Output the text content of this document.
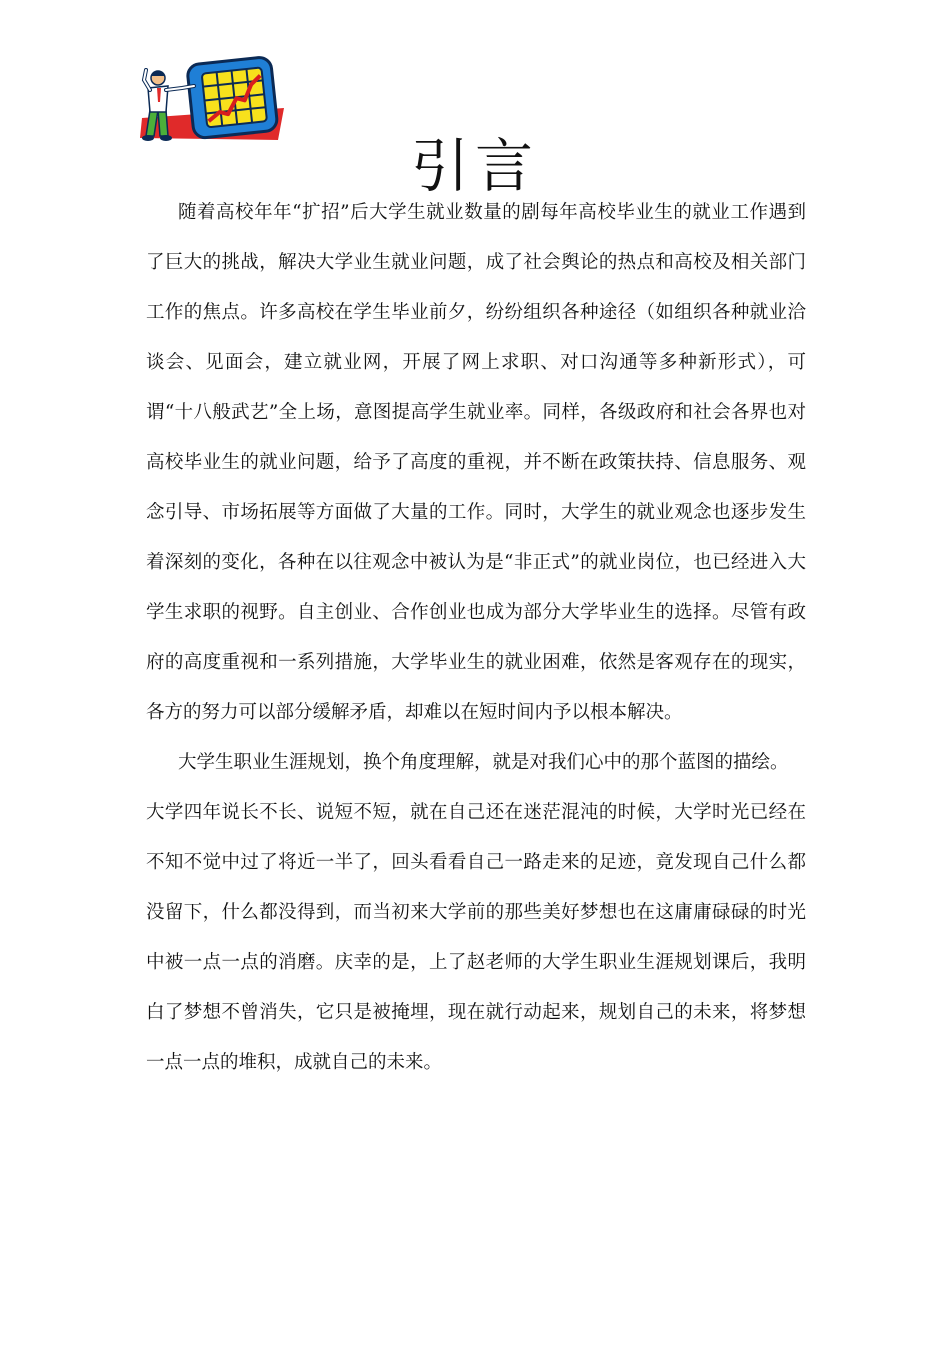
引言

随着高校年年“扩招”后大学生就业数量的剧每年高校毕业生的就业工作遇到了巨大的挑战，解决大学业生就业问题，成了社会舆论的热点和高校及相关部门工作的焦点。许多高校在学生毕业前夕，纷纷组织各种途径（如组织各种就业洽谈会、见面会，建立就业网，开展了网上求职、对口沟通等多种新形式），可谓“十八般武艺”全上场，意图提高学生就业率。同样，各级政府和社会各界也对高校毕业生的就业问题，给予了高度的重视，并不断在政策扶持、信息服务、观念引导、市场拓展等方面做了大量的工作。同时，大学生的就业观念也逐步发生着深刻的变化，各种在以往观念中被认为是“非正式”的就业岗位，也已经进入大学生求职的视野。自主创业、合作创业也成为部分大学毕业生的选择。尽管有政府的高度重视和一系列措施，大学毕业生的就业困难，依然是客观存在的现实，各方的努力可以部分缓解矛盾，却难以在短时间内予以根本解决。

大学生职业生涯规划，换个角度理解，就是对我们心中的那个蓝图的描绘。

大学四年说长不长、说短不短，就在自己还在迷茫混沌的时候，大学时光已经在不知不觉中过了将近一半了，回头看看自己一路走来的足迹，竟发现自己什么都没留下，什么都没得到，而当初来大学前的那些美好梦想也在这庸庸碌碌的时光中被一点一点的消磨。庆幸的是，上了赵老师的大学生职业生涯规划课后，我明白了梦想不曾消失，它只是被掩埋，现在就行动起来，规划自己的未来，将梦想一点一点的堆积，成就自己的未来。
